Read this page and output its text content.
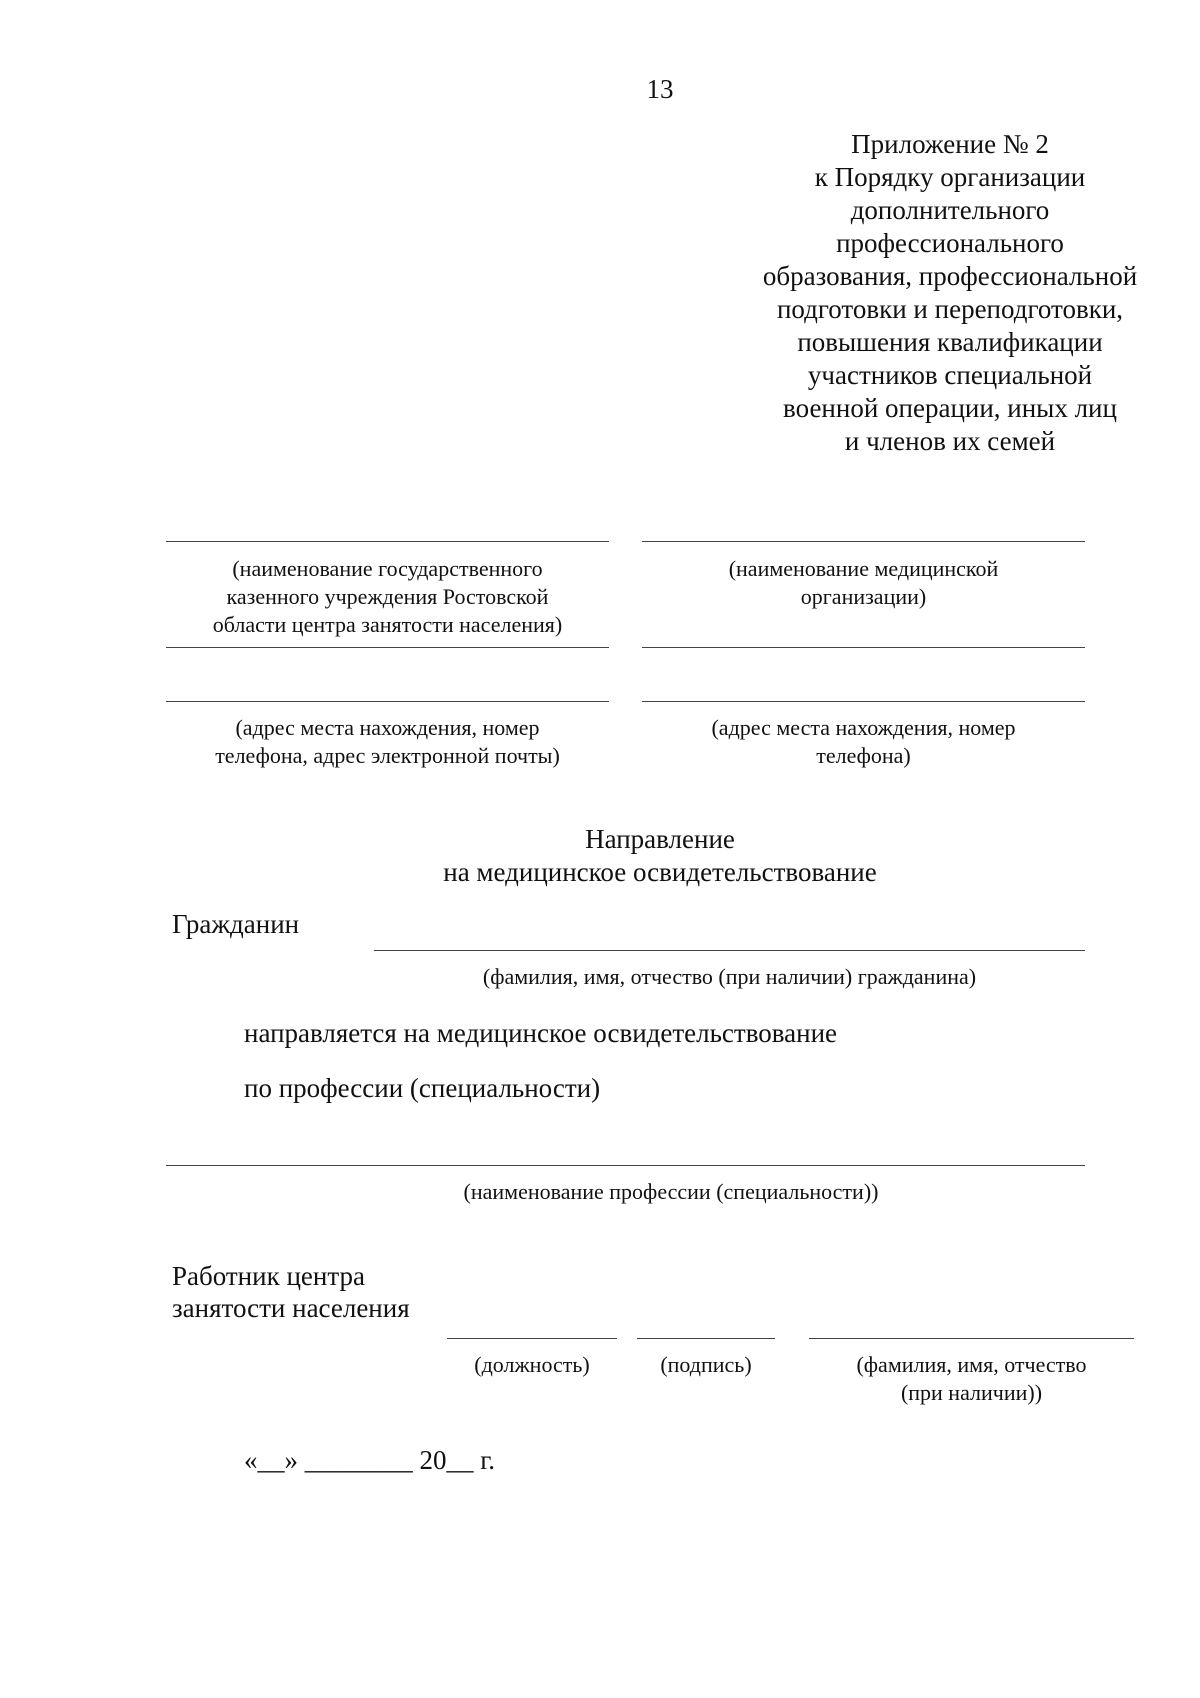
13
Приложение № 2
к Порядку организации
дополнительного
профессионального
образования, профессиональной
подготовки и переподготовки,
повышения квалификации
участников специальной
военной операции, иных лиц
и членов их семей
(наименование государственного
казенного учреждения Ростовской
области центра занятости населения)
(наименование медицинской
организации)
(адрес места нахождения, номер
телефона, адрес электронной почты)
(адрес места нахождения, номер
телефона)
Направление
на медицинское освидетельствование
Гражданин
(фамилия, имя, отчество (при наличии) гражданина)
направляется на медицинское освидетельствование
по профессии (специальности)
(наименование профессии (специальности))
Работник центра
занятости населения
(должность)	(подпись)	(фамилия, имя, отчество
(при наличии))
«__» ________ 20__ г.
